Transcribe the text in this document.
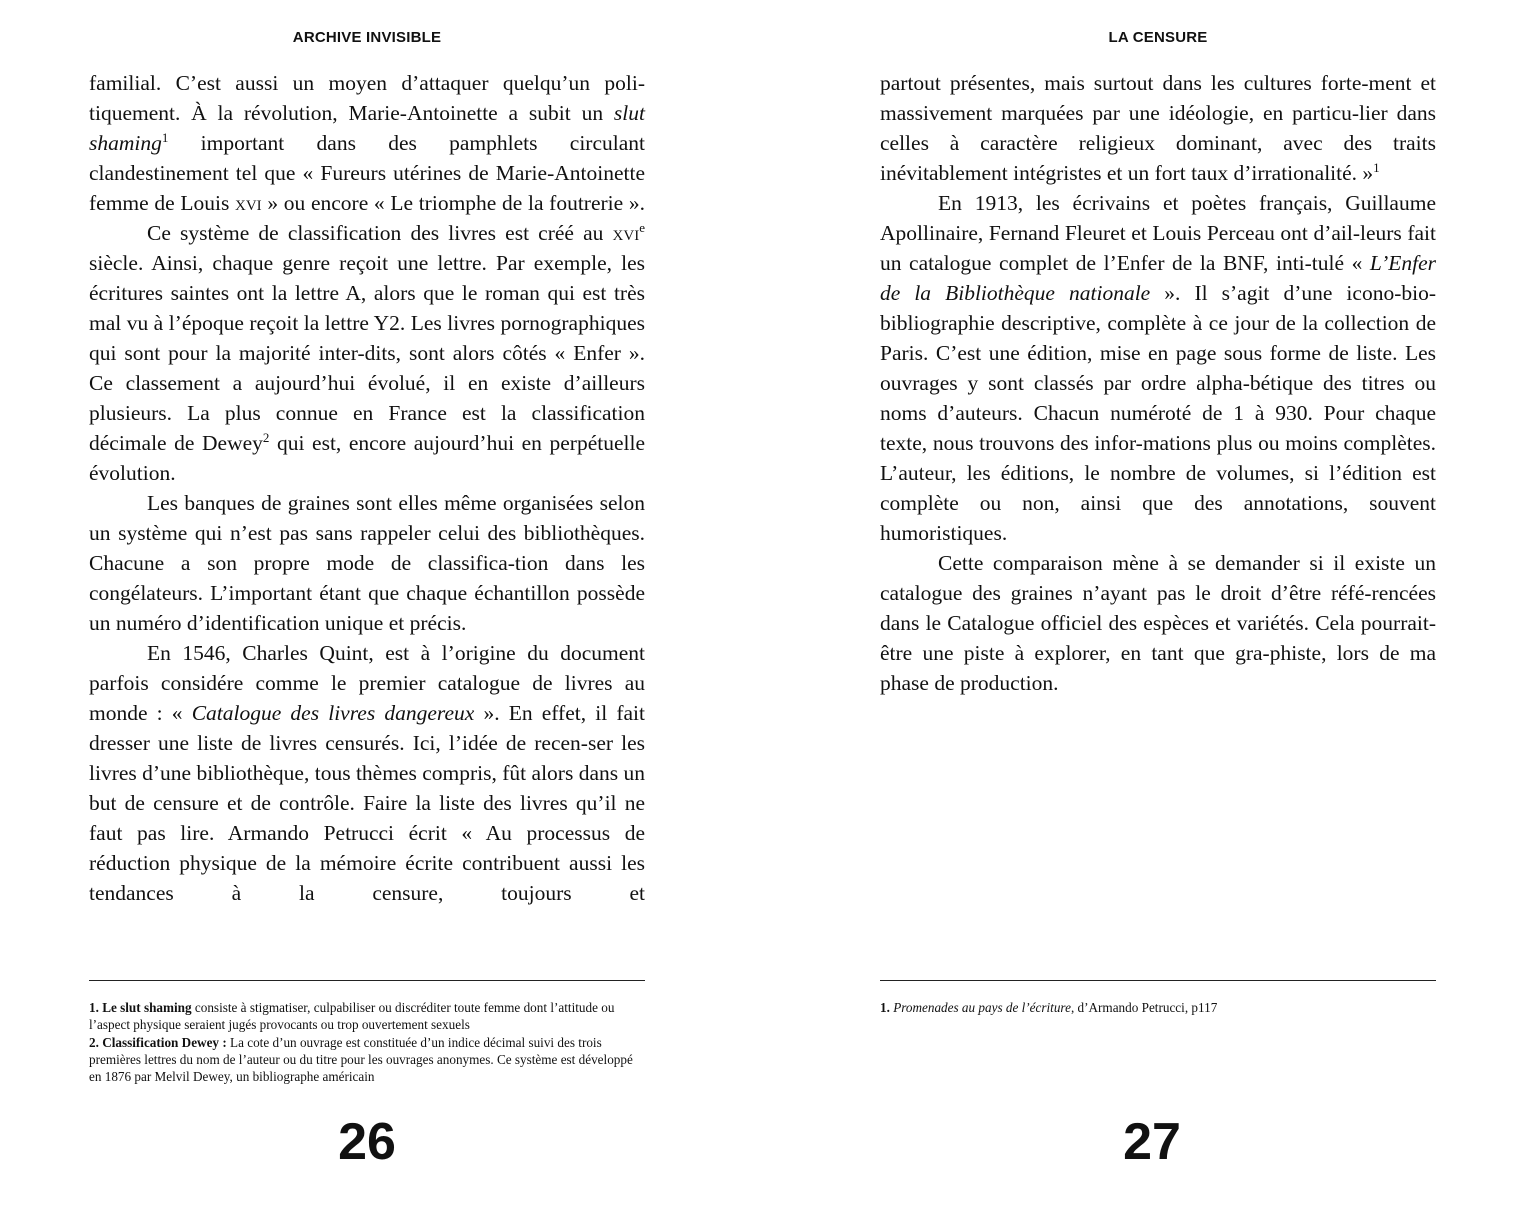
ARCHIVE INVISIBLE

familial. C’est aussi un moyen d’attaquer quelqu’un poli-tiquement. À la révolution, Marie-Antoinette a subit un slut shaming$^1$ important dans des pamphlets circulant clandestinement tel que « Fureurs utérines de Marie-Antoinette femme de Louis xvi » ou encore « Le triomphe de la foutrerie ».

Ce système de classification des livres est créé au xvi$^e$ siècle. Ainsi, chaque genre reçoit une lettre. Par exemple, les écritures saintes ont la lettre A, alors que le roman qui est très mal vu à l’époque reçoit la lettre Y2. Les livres pornographiques qui sont pour la majorité inter-dits, sont alors côtés « Enfer ». Ce classement a aujourd’hui évolué, il en existe d’ailleurs plusieurs. La plus connue en France est la classification décimale de Dewey$^2$ qui est, encore aujourd’hui en perpétuelle évolution.

Les banques de graines sont elles même organisées selon un système qui n’est pas sans rappeler celui des bibliothèques. Chacune a son propre mode de classifica-tion dans les congélateurs. L’important étant que chaque échantillon possède un numéro d’identification unique et précis.

En 1546, Charles Quint, est à l’origine du document parfois considére comme le premier catalogue de livres au monde : « Catalogue des livres dangereux ». En effet, il fait dresser une liste de livres censurés. Ici, l’idée de recen-ser les livres d’une bibliothèque, tous thèmes compris, fût alors dans un but de censure et de contrôle. Faire la liste des livres qu’il ne faut pas lire. Armando Petrucci écrit « Au processus de réduction physique de la mémoire écrite contribuent aussi les tendances à la censure, toujours et

1. Le slut shaming consiste à stigmatiser, culpabiliser ou discréditer toute femme dont l’attitude ou l’aspect physique seraient jugés provocants ou trop ouvertement sexuels

2. Classification Dewey : La cote d’un ouvrage est constituée d’un indice décimal suivi des trois premières lettres du nom de l’auteur ou du titre pour les ouvrages anonymes. Ce système est développé en 1876 par Melvil Dewey, un bibliographe américain

26
LA CENSURE

partout présentes, mais surtout dans les cultures forte-ment et massivement marquées par une idéologie, en particu-lier dans celles à caractère religieux dominant, avec des traits inévitablement intégristes et un fort taux d’irrationalité. »$^1$

En 1913, les écrivains et poètes français, Guillaume Apollinaire, Fernand Fleuret et Louis Perceau ont d’ail-leurs fait un catalogue complet de l’Enfer de la BNF, inti-tulé « L’Enfer de la Bibliothèque nationale ». Il s’agit d’une icono-bio-bibliographie descriptive, complète à ce jour de la collection de Paris. C’est une édition, mise en page sous forme de liste. Les ouvrages y sont classés par ordre alpha-bétique des titres ou noms d’auteurs. Chacun numéroté de 1 à 930. Pour chaque texte, nous trouvons des infor-mations plus ou moins complètes. L’auteur, les éditions, le nombre de volumes, si l’édition est complète ou non, ainsi que des annotations, souvent humoristiques.

Cette comparaison mène à se demander si il existe un catalogue des graines n’ayant pas le droit d’être réfé-rencées dans le Catalogue officiel des espèces et variétés. Cela pourrait-être une piste à explorer, en tant que gra-phiste, lors de ma phase de production.

1. Promenades au pays de l’écriture, d’Armando Petrucci, p117

27
